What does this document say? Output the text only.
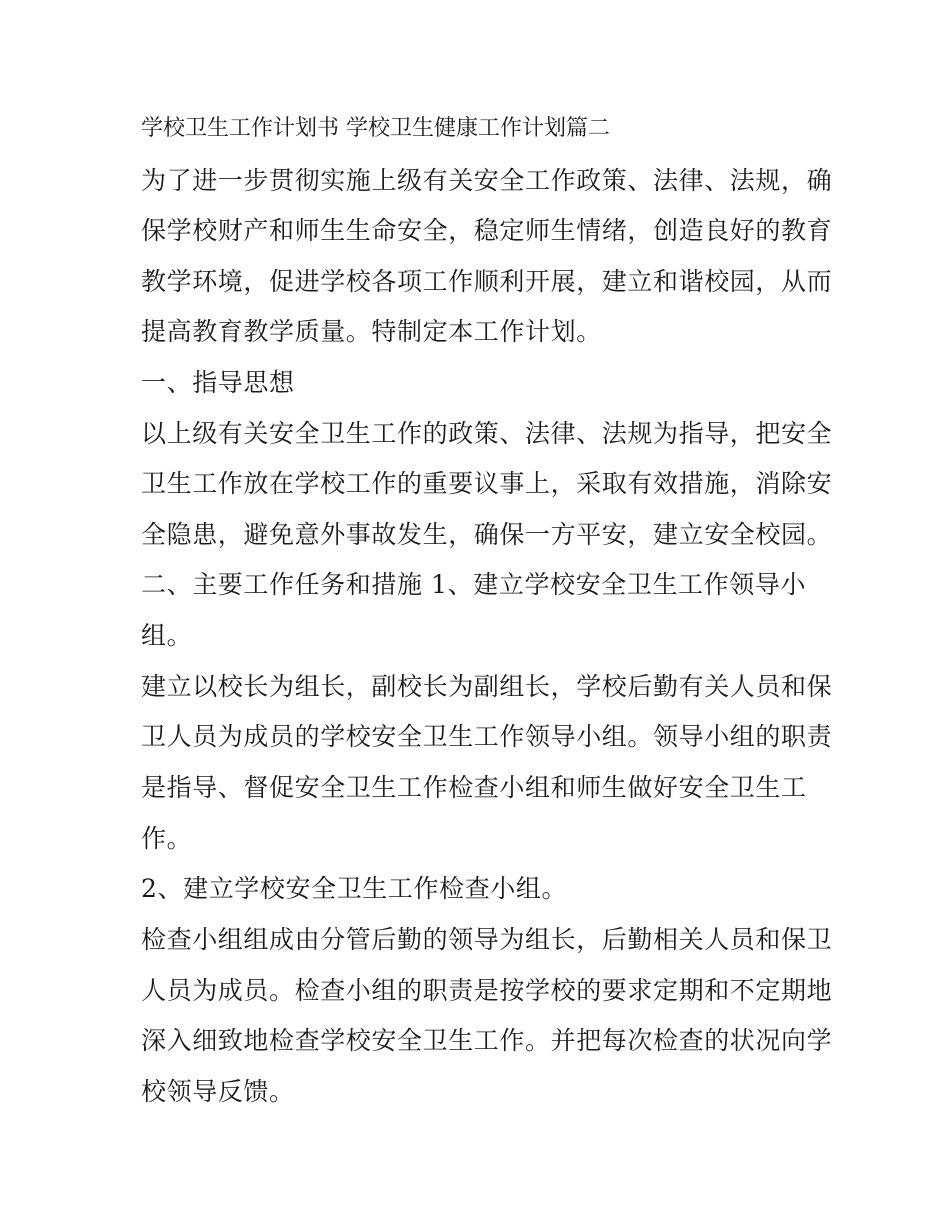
学校卫生工作计划书 学校卫生健康工作计划篇二
为了进一步贯彻实施上级有关安全工作政策、法律、法规，确
保学校财产和师生生命安全，稳定师生情绪，创造良好的教育
教学环境，促进学校各项工作顺利开展，建立和谐校园，从而
提高教育教学质量。特制定本工作计划。
一、指导思想
以上级有关安全卫生工作的政策、法律、法规为指导，把安全
卫生工作放在学校工作的重要议事上，采取有效措施，消除安
全隐患，避免意外事故发生，确保一方平安，建立安全校园。
二、主要工作任务和措施 1、建立学校安全卫生工作领导小
组。
建立以校长为组长，副校长为副组长，学校后勤有关人员和保
卫人员为成员的学校安全卫生工作领导小组。领导小组的职责
是指导、督促安全卫生工作检查小组和师生做好安全卫生工
作。
2、建立学校安全卫生工作检查小组。
检查小组组成由分管后勤的领导为组长，后勤相关人员和保卫
人员为成员。检查小组的职责是按学校的要求定期和不定期地
深入细致地检查学校安全卫生工作。并把每次检查的状况向学
校领导反馈。
